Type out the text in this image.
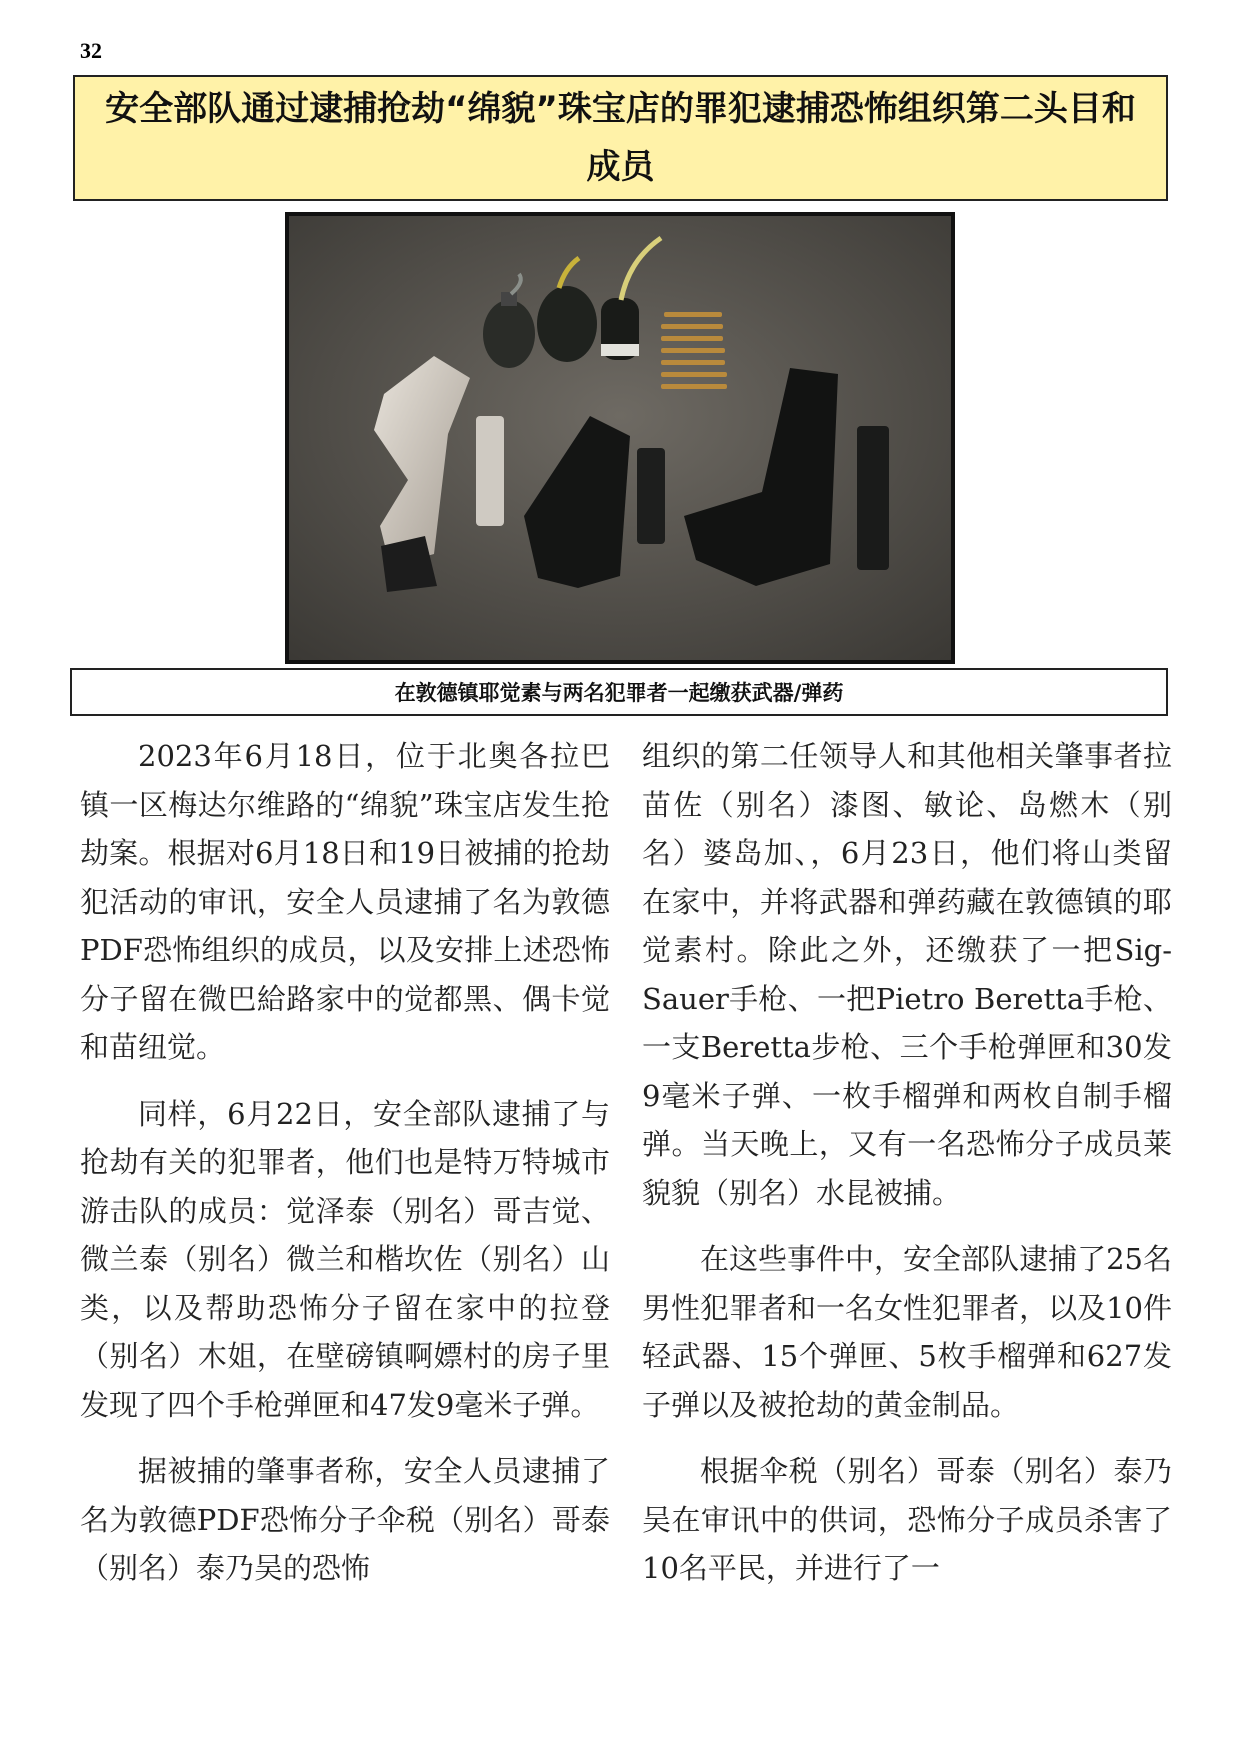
32
安全部队通过逮捕抢劫“绵貌”珠宝店的罪犯逮捕恐怖组织第二头目和成员
在敦德镇耶觉素与两名犯罪者一起缴获武器/弹药

2023年6月18日，位于北奥各拉巴镇一区梅达尔维路的“绵貌”珠宝店发生抢劫案。根据对6月18日和19日被捕的抢劫犯活动的审讯，安全人员逮捕了名为敦德PDF恐怖组织的成员，以及安排上述恐怖分子留在微巴給路家中的觉都黑、偶卡觉和苗纽觉。

同样，6月22日，安全部队逮捕了与抢劫有关的犯罪者，他们也是特万特城市游击队的成员：觉泽泰（别名）哥吉觉、微兰泰（别名）微兰和楷坎佐（别名）山类，以及帮助恐怖分子留在家中的拉登（别名）木姐，在壁磅镇啊嫖村的房子里发现了四个手枪弹匣和47发9毫米子弹。

据被捕的肇事者称，安全人员逮捕了名为敦德PDF恐怖分子伞税（别名）哥泰（别名）泰乃吴的恐怖

组织的第二任领导人和其他相关肇事者拉苗佐（别名）漆图、敏论、岛燃木（别名）婆岛加、，6月23日，他们将山类留在家中，并将武器和弹药藏在敦德镇的耶觉素村。除此之外，还缴获了一把Sig-Sauer手枪、一把Pietro Beretta手枪、一支Beretta步枪、三个手枪弹匣和30发9毫米子弹、一枚手榴弹和两枚自制手榴弹。当天晚上，又有一名恐怖分子成员莱貌貌（别名）水昆被捕。

在这些事件中，安全部队逮捕了25名男性犯罪者和一名女性犯罪者，以及10件轻武器、15个弹匣、5枚手榴弹和627发子弹以及被抢劫的黄金制品。

根据伞税（别名）哥泰（别名）泰乃吴在审讯中的供词，恐怖分子成员杀害了10名平民，并进行了一
